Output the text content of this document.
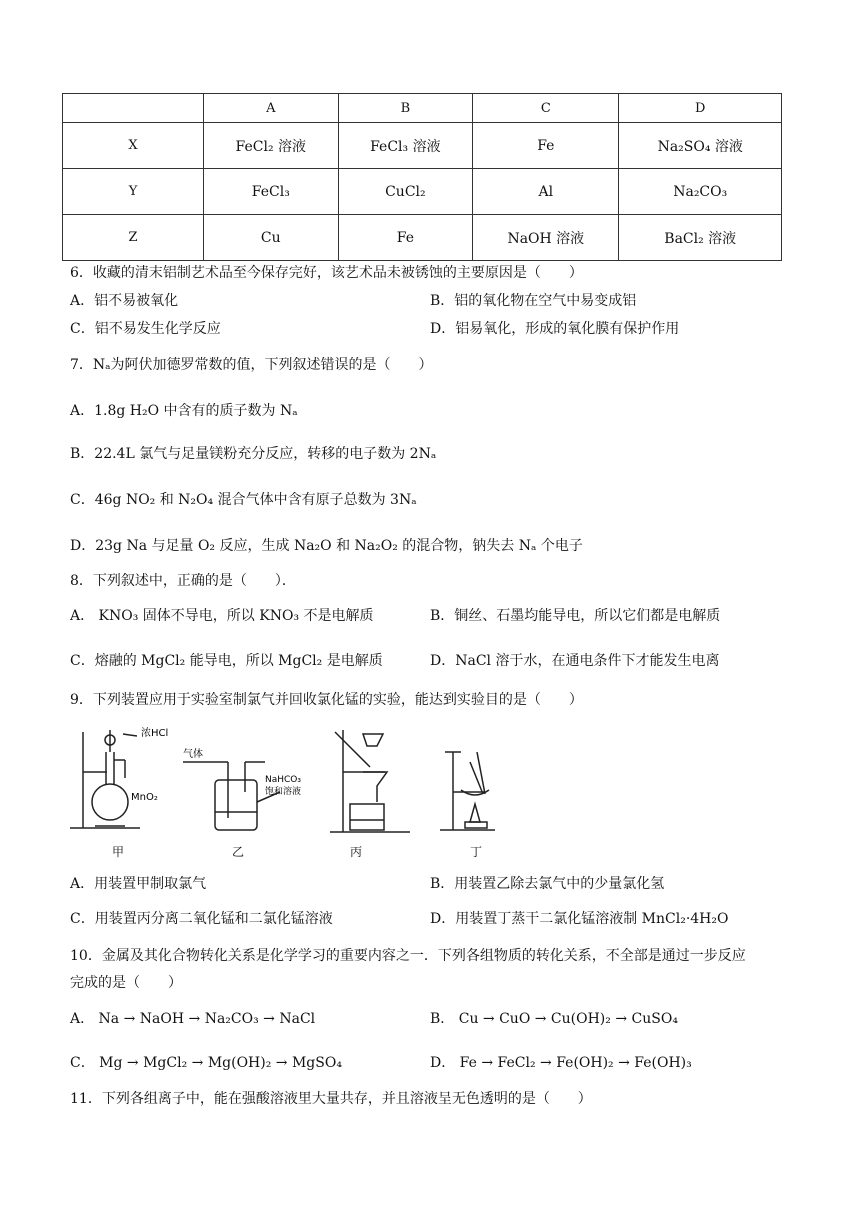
	A	B	C	D
X	FeCl₂ 溶液	FeCl₃ 溶液	Fe	Na₂SO₄ 溶液
Y	FeCl₃	CuCl₂	Al	Na₂CO₃
Z	Cu	Fe	NaOH 溶液	BaCl₂ 溶液
6．收藏的清末铝制艺术品至今保存完好，该艺术品未被锈蚀的主要原因是（　　）
A．铝不易被氧化	B．铝的氧化物在空气中易变成铝
C．铝不易发生化学反应	D．铝易氧化，形成的氧化膜有保护作用
7．Nₐ为阿伏加德罗常数的值，下列叙述错误的是（　　）
A．1.8g H₂O 中含有的质子数为 Nₐ
B．22.4L 氯气与足量镁粉充分反应，转移的电子数为 2Nₐ
C．46g NO₂ 和 N₂O₄ 混合气体中含有原子总数为 3Nₐ
D．23g Na 与足量 O₂ 反应，生成 Na₂O 和 Na₂O₂ 的混合物，钠失去 Nₐ 个电子
8．下列叙述中，正确的是（　　）．
A． KNO₃ 固体不导电，所以 KNO₃ 不是电解质	B．铜丝、石墨均能导电，所以它们都是电解质
C．熔融的 MgCl₂ 能导电，所以 MgCl₂ 是电解质	D．NaCl 溶于水，在通电条件下才能发生电离
9．下列装置应用于实验室制氯气并回收氯化锰的实验，能达到实验目的是（　　）
浓HCl
MnO₂
气体
NaHCO₃
饱和溶液
甲	乙	丙	丁
A．用装置甲制取氯气	B．用装置乙除去氯气中的少量氯化氢
C．用装置丙分离二氧化锰和二氯化锰溶液	D．用装置丁蒸干二氯化锰溶液制 MnCl₂·4H₂O
10．金属及其化合物转化关系是化学学习的重要内容之一．下列各组物质的转化关系，不全部是通过一步反应
完成的是（　　）
A． Na → NaOH → Na₂CO₃ → NaCl	B． Cu → CuO → Cu(OH)₂ → CuSO₄
C． Mg → MgCl₂ → Mg(OH)₂ → MgSO₄	D． Fe → FeCl₂ → Fe(OH)₂ → Fe(OH)₃
11．下列各组离子中，能在强酸溶液里大量共存，并且溶液呈无色透明的是（　　）
